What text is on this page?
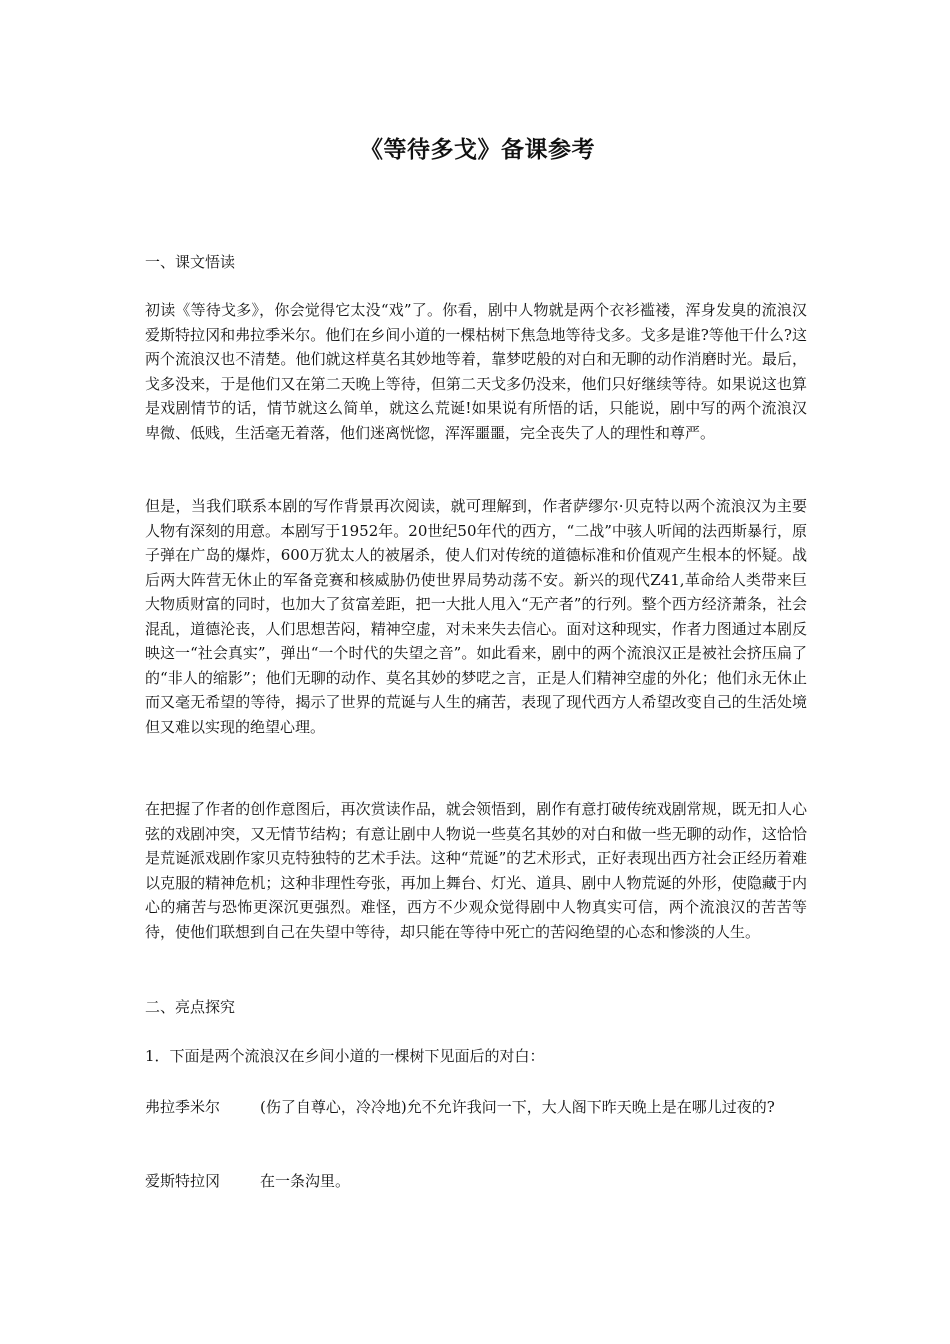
《等待多戈》备课参考
一、课文悟读
初读《等待戈多》，你会觉得它太没“戏”了。你看，剧中人物就是两个衣衫褴褛，浑身发臭的流浪汉爱斯特拉冈和弗拉季米尔。他们在乡间小道的一棵枯树下焦急地等待戈多。戈多是谁?等他干什么?这两个流浪汉也不清楚。他们就这样莫名其妙地等着，靠梦呓般的对白和无聊的动作消磨时光。最后，戈多没来，于是他们又在第二天晚上等待，但第二天戈多仍没来，他们只好继续等待。如果说这也算是戏剧情节的话，情节就这么简单，就这么荒诞!如果说有所悟的话，只能说，剧中写的两个流浪汉卑微、低贱，生活毫无着落，他们迷离恍惚，浑浑噩噩，完全丧失了人的理性和尊严。
但是，当我们联系本剧的写作背景再次阅读，就可理解到，作者萨缪尔·贝克特以两个流浪汉为主要人物有深刻的用意。本剧写于1952年。20世纪50年代的西方，“二战”中骇人听闻的法西斯暴行，原子弹在广岛的爆炸，600万犹太人的被屠杀，使人们对传统的道德标准和价值观产生根本的怀疑。战后两大阵营无休止的军备竞赛和核威胁仍使世界局势动荡不安。新兴的现代Z41,革命给人类带来巨大物质财富的同时，也加大了贫富差距，把一大批人甩入“无产者”的行列。整个西方经济萧条，社会混乱，道德沦丧，人们思想苦闷，精神空虚，对未来失去信心。面对这种现实，作者力图通过本剧反映这一“社会真实”，弹出“一个时代的失望之音”。如此看来，剧中的两个流浪汉正是被社会挤压扁了的“非人的缩影”；他们无聊的动作、莫名其妙的梦呓之言，正是人们精神空虚的外化；他们永无休止而又毫无希望的等待，揭示了世界的荒诞与人生的痛苦，表现了现代西方人希望改变自己的生活处境但又难以实现的绝望心理。
在把握了作者的创作意图后，再次赏读作品，就会领悟到，剧作有意打破传统戏剧常规，既无扣人心弦的戏剧冲突，又无情节结构；有意让剧中人物说一些莫名其妙的对白和做一些无聊的动作，这恰恰是荒诞派戏剧作家贝克特独特的艺术手法。这种“荒诞”的艺术形式，正好表现出西方社会正经历着难以克服的精神危机；这种非理性夸张，再加上舞台、灯光、道具、剧中人物荒诞的外形，使隐藏于内心的痛苦与恐怖更深沉更强烈。难怪，西方不少观众觉得剧中人物真实可信，两个流浪汉的苦苦等待，使他们联想到自己在失望中等待，却只能在等待中死亡的苦闷绝望的心态和惨淡的人生。
二、亮点探究
1．下面是两个流浪汉在乡间小道的一棵树下见面后的对白：
弗拉季米尔	(伤了自尊心，冷冷地)允不允许我问一下，大人阁下昨天晚上是在哪儿过夜的?
爱斯特拉冈	在一条沟里。
